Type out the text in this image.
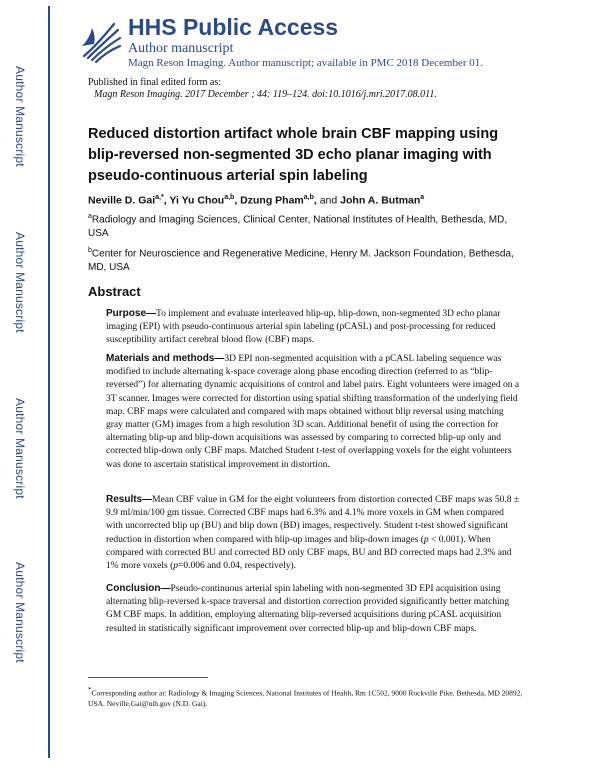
Author Manuscript
Author Manuscript
Author Manuscript
Author Manuscript
HHS Public Access
Author manuscript
Magn Reson Imaging. Author manuscript; available in PMC 2018 December 01.
Published in final edited form as:
Magn Reson Imaging. 2017 December ; 44: 119–124. doi:10.1016/j.mri.2017.08.011.
Reduced distortion artifact whole brain CBF mapping using blip-reversed non-segmented 3D echo planar imaging with pseudo-continuous arterial spin labeling
Neville D. Gai$^{a,*}$, Yi Yu Chou$^{a,b}$, Dzung Pham$^{a,b}$, and John A. Butman$^a$
$^a$Radiology and Imaging Sciences, Clinical Center, National Institutes of Health, Bethesda, MD, USA
$^b$Center for Neuroscience and Regenerative Medicine, Henry M. Jackson Foundation, Bethesda, MD, USA
Abstract
Purpose—To implement and evaluate interleaved blip-up, blip-down, non-segmented 3D echo planar imaging (EPI) with pseudo-continuous arterial spin labeling (pCASL) and post-processing for reduced susceptibility artifact cerebral blood flow (CBF) maps.
Materials and methods—3D EPI non-segmented acquisition with a pCASL labeling sequence was modified to include alternating k-space coverage along phase encoding direction (referred to as “blip-reversed”) for alternating dynamic acquisitions of control and label pairs. Eight volunteers were imaged on a 3T scanner. Images were corrected for distortion using spatial shifting transformation of the underlying field map. CBF maps were calculated and compared with maps obtained without blip reversal using matching gray matter (GM) images from a high resolution 3D scan. Additional benefit of using the correction for alternating blip-up and blip-down acquisitions was assessed by comparing to corrected blip-up only and corrected blip-down only CBF maps. Matched Student t-test of overlapping voxels for the eight volunteers was done to ascertain statistical improvement in distortion.
Results—Mean CBF value in GM for the eight volunteers from distortion corrected CBF maps was 50.8 ± 9.9 ml/min/100 gm tissue. Corrected CBF maps had 6.3% and 4.1% more voxels in GM when compared with uncorrected blip up (BU) and blip down (BD) images, respectively. Student t-test showed significant reduction in distortion when compared with blip-up images and blip-down images (p < 0.001). When compared with corrected BU and corrected BD only CBF maps, BU and BD corrected maps had 2.3% and 1% more voxels (p=0.006 and 0.04, respectively).
Conclusion—Pseudo-continuous arterial spin labeling with non-segmented 3D EPI acquisition using alternating blip-reversed k-space traversal and distortion correction provided significantly better matching GM CBF maps. In addition, employing alternating blip-reversed acquisitions during pCASL acquisition resulted in statistically significant improvement over corrected blip-up and blip-down CBF maps.
*Corresponding author at: Radiology & Imaging Sciences, National Institutes of Health, Rm 1C502, 9000 Rockville Pike, Bethesda, MD 20892, USA. Neville.Gai@nih.gov (N.D. Gai).
